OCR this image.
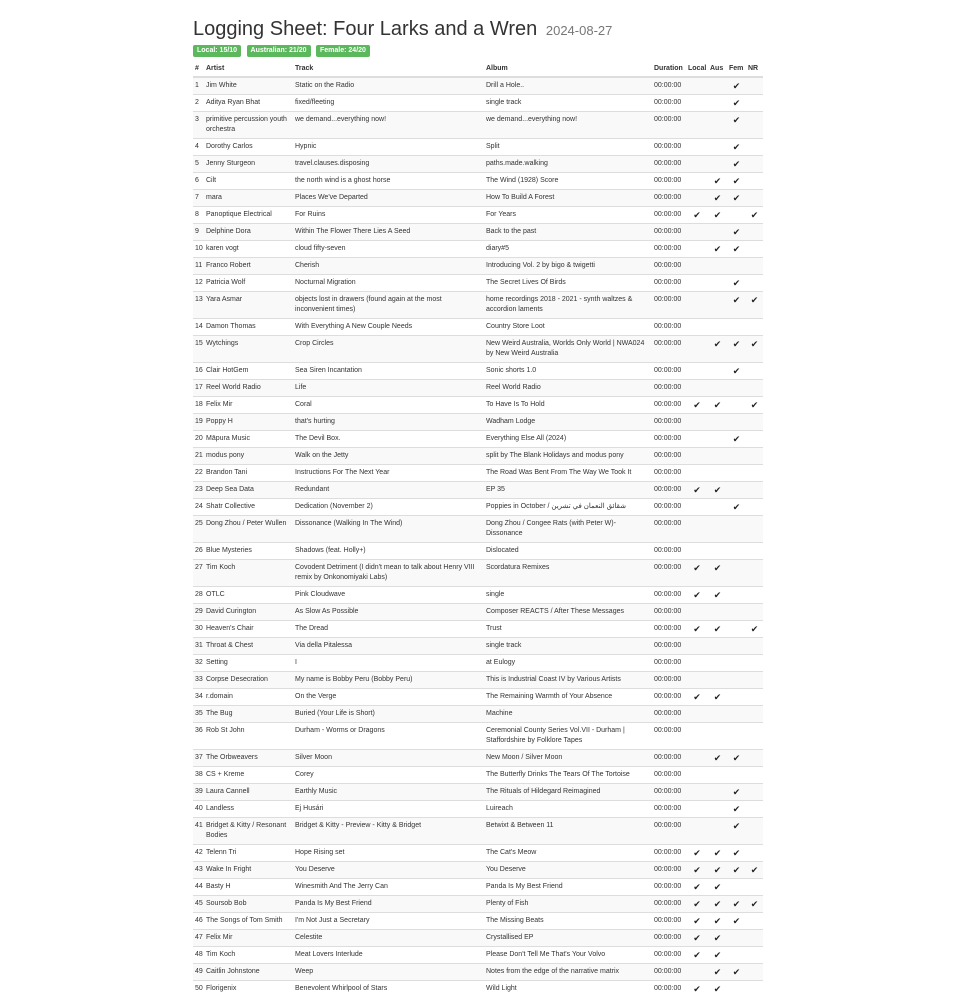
Logging Sheet: Four Larks and a Wren 2024-08-27
Local: 15/10 Australian: 21/20 Female: 24/20
#	Artist	Track	Album	Duration	Local	Aus	Fem	NR
1	Jim White	Static on the Radio	Drill a Hole..	00:00:00			✔	
2	Aditya Ryan Bhat	fixed/fleeting	single track	00:00:00			✔	
3	primitive percussion youth orchestra	we demand...everything now!	we demand...everything now!	00:00:00			✔	
4	Dorothy Carlos	Hypnic	Split	00:00:00			✔	
5	Jenny Sturgeon	travel.clauses.disposing	paths.made.walking	00:00:00			✔	
6	Cilt	the north wind is a ghost horse	The Wind (1928) Score	00:00:00		✔	✔	
7	mara	Places We've Departed	How To Build A Forest	00:00:00		✔	✔	
8	Panoptique Electrical	For Ruins	For Years	00:00:00	✔	✔		✔
9	Delphine Dora	Within The Flower There Lies A Seed	Back to the past	00:00:00			✔	
10	karen vogt	cloud fifty-seven	diary#5	00:00:00		✔	✔	
11	Franco Robert	Cherish	Introducing Vol. 2 by bigo & twigetti	00:00:00				
12	Patricia Wolf	Nocturnal Migration	The Secret Lives Of Birds	00:00:00			✔	
13	Yara Asmar	objects lost in drawers (found again at the most inconvenient times)	home recordings 2018 - 2021 - synth waltzes & accordion laments	00:00:00			✔	✔
14	Damon Thomas	With Everything A New Couple Needs	Country Store Loot	00:00:00				
15	Wytchings	Crop Circles	New Weird Australia, Worlds Only World | NWA024 by New Weird Australia	00:00:00		✔	✔	✔
16	Clair HotGem	Sea Siren Incantation	Sonic shorts 1.0	00:00:00			✔	
17	Reel World Radio	Life	Reel World Radio	00:00:00				
18	Felix Mir	Coral	To Have Is To Hold	00:00:00	✔	✔		✔
19	Poppy H	that's hurting	Wadham Lodge	00:00:00				
20	Māpura Music	The Devil Box.	Everything Else All (2024)	00:00:00			✔	
21	modus pony	Walk on the Jetty	split by The Blank Holidays and modus pony	00:00:00				
22	Brandon Tani	Instructions For The Next Year	The Road Was Bent From The Way We Took It	00:00:00				
23	Deep Sea Data	Redundant	EP 35	00:00:00	✔	✔		
24	Shatr Collective	Dedication (November 2)	Poppies in October / شقائق النعمان في تشرين	00:00:00			✔	
25	Dong Zhou / Peter Wullen	Dissonance (Walking In The Wind)	Dong Zhou / Congee Rats (with Peter W)-Dissonance	00:00:00				
26	Blue Mysteries	Shadows (feat. Holly+)	Dislocated	00:00:00				
27	Tim Koch	Covodent Detriment (I didn't mean to talk about Henry VIII remix by Onkonomiyaki Labs)	Scordatura Remixes	00:00:00	✔	✔		
28	OTLC	Pink Cloudwave	single	00:00:00	✔	✔		
29	David Curington	As Slow As Possible	Composer REACTS / After These Messages	00:00:00				
30	Heaven's Chair	The Dread	Trust	00:00:00	✔	✔		✔
31	Throat & Chest	Via della Pitalessa	single track	00:00:00				
32	Setting	I	at Eulogy	00:00:00				
33	Corpse Desecration	My name is Bobby Peru (Bobby Peru)	This is Industrial Coast IV by Various Artists	00:00:00				
34	r.domain	On the Verge	The Remaining Warmth of Your Absence	00:00:00	✔	✔		
35	The Bug	Buried (Your Life is Short)	Machine	00:00:00				
36	Rob St John	Durham - Worms or Dragons	Ceremonial County Series Vol.VII - Durham | Staffordshire by Folklore Tapes	00:00:00				
37	The Orbweavers	Silver Moon	New Moon / Silver Moon	00:00:00		✔	✔	
38	CS + Kreme	Corey	The Butterfly Drinks The Tears Of The Tortoise	00:00:00				
39	Laura Cannell	Earthly Music	The Rituals of Hildegard Reimagined	00:00:00			✔	
40	Landless	Ej Husári	Luireach	00:00:00			✔	
41	Bridget & Kitty / Resonant Bodies	Bridget & Kitty - Preview - Kitty & Bridget	Betwixt & Between 11	00:00:00			✔	
42	Telenn Tri	Hope Rising set	The Cat's Meow	00:00:00	✔	✔	✔	
43	Wake In Fright	You Deserve	You Deserve	00:00:00	✔	✔	✔	✔
44	Basty H	Winesmith And The Jerry Can	Panda Is My Best Friend	00:00:00	✔	✔		
45	Soursob Bob	Panda Is My Best Friend	Plenty of Fish	00:00:00	✔	✔	✔	✔
46	The Songs of Tom Smith	I'm Not Just a Secretary	The Missing Beats	00:00:00	✔	✔	✔	
47	Felix Mir	Celestite	Crystallised EP	00:00:00	✔	✔		
48	Tim Koch	Meat Lovers Interlude	Please Don't Tell Me That's Your Volvo	00:00:00	✔	✔		
49	Caitlin Johnstone	Weep	Notes from the edge of the narrative matrix	00:00:00		✔	✔	
50	Florigenix	Benevolent Whirlpool of Stars	Wild Light	00:00:00	✔	✔		
